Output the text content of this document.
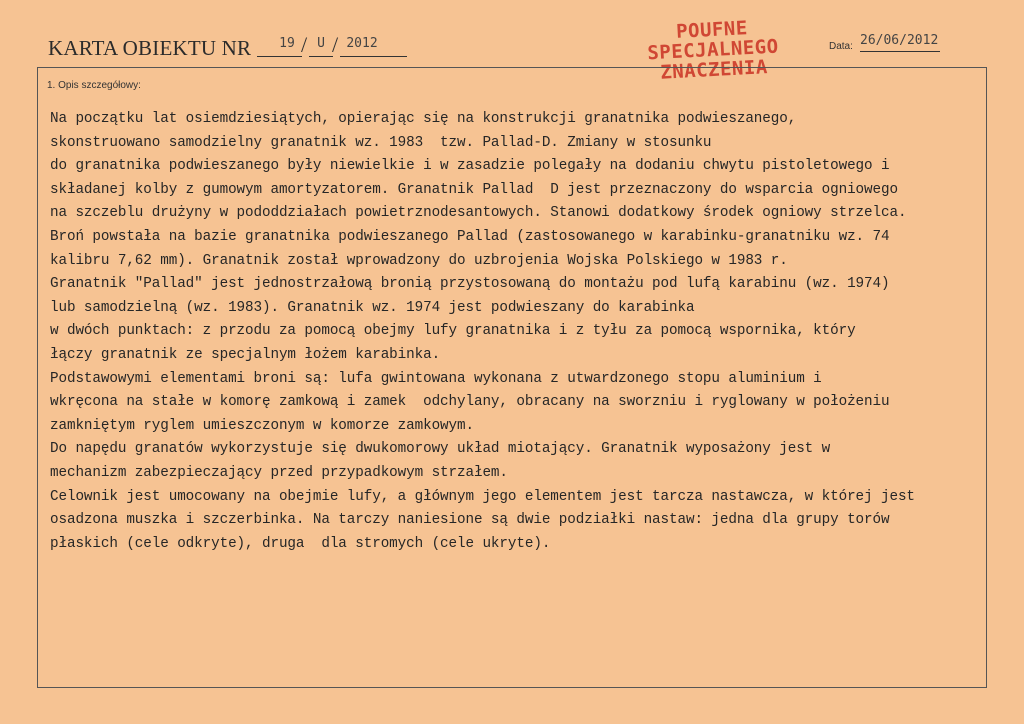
KARTA OBIEKTU NR	19 / U / 2012
POUFNE
SPECJALNEGO
ZNACZENIA
Data: 26/06/2012
1. Opis szczegółowy:
Na początku lat osiemdziesiątych, opierając się na konstrukcji granatnika podwieszanego,
skonstruowano samodzielny granatnik wz. 1983  tzw. Pallad-D. Zmiany w stosunku
do granatnika podwieszanego były niewielkie i w zasadzie polegały na dodaniu chwytu pistoletowego i
składanej kolby z gumowym amortyzatorem. Granatnik Pallad  D jest przeznaczony do wsparcia ogniowego
na szczeblu drużyny w pododdziałach powietrznodesantowych. Stanowi dodatkowy środek ogniowy strzelca.
Broń powstała na bazie granatnika podwieszanego Pallad (zastosowanego w karabinku-granatniku wz. 74
kalibru 7,62 mm). Granatnik został wprowadzony do uzbrojenia Wojska Polskiego w 1983 r.
Granatnik "Pallad" jest jednostrzałową bronią przystosowaną do montażu pod lufą karabinu (wz. 1974)
lub samodzielną (wz. 1983). Granatnik wz. 1974 jest podwieszany do karabinka
w dwóch punktach: z przodu za pomocą obejmy lufy granatnika i z tyłu za pomocą wspornika, który
łączy granatnik ze specjalnym łożem karabinka.
Podstawowymi elementami broni są: lufa gwintowana wykonana z utwardzonego stopu aluminium i
wkręcona na stałe w komorę zamkową i zamek  odchylany, obracany na sworzniu i ryglowany w położeniu
zamkniętym ryglem umieszczonym w komorze zamkowym.
Do napędu granatów wykorzystuje się dwukomorowy układ miotający. Granatnik wyposażony jest w
mechanizm zabezpieczający przed przypadkowym strzałem.
Celownik jest umocowany na obejmie lufy, a głównym jego elementem jest tarcza nastawcza, w której jest
osadzona muszka i szczerbinka. Na tarczy naniesione są dwie podziałki nastaw: jedna dla grupy torów
płaskich (cele odkryte), druga  dla stromych (cele ukryte).
